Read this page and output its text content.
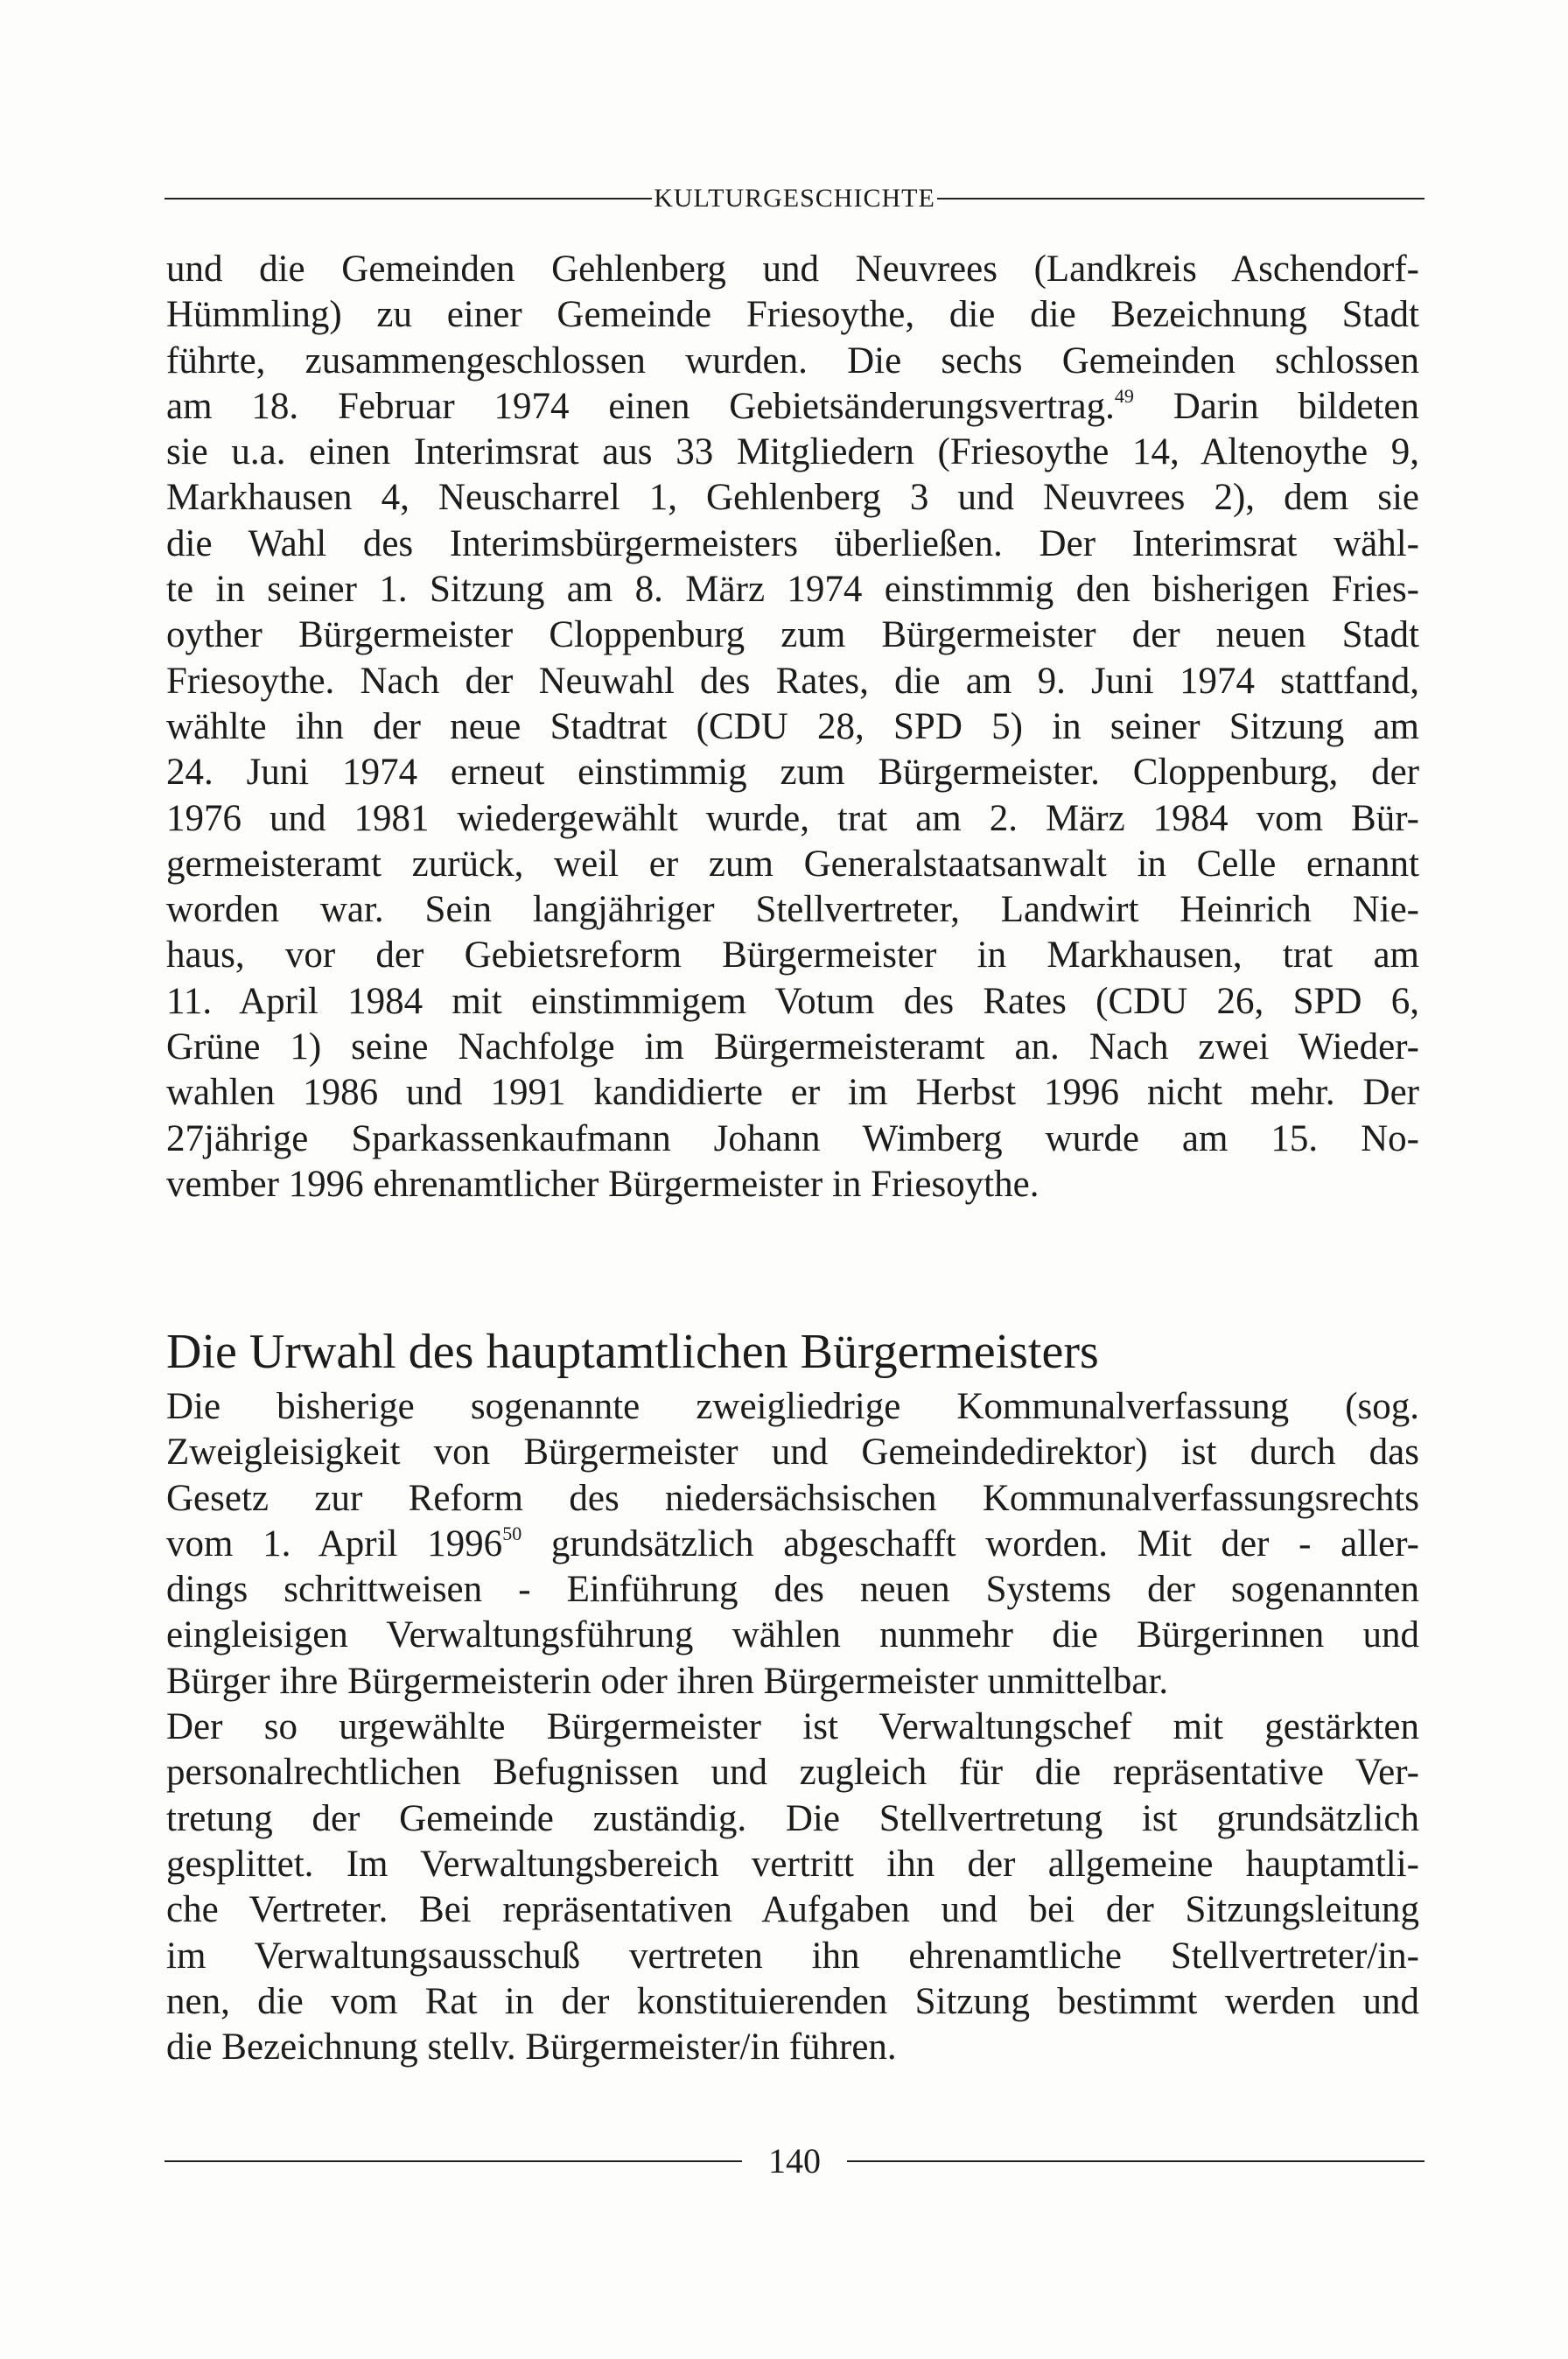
KULTURGESCHICHTE
und die Gemeinden Gehlenberg und Neuvrees (Landkreis Aschendorf-
Hümmling) zu einer Gemeinde Friesoythe, die die Bezeichnung Stadt
führte, zusammengeschlossen wurden. Die sechs Gemeinden schlossen
am 18. Februar 1974 einen Gebietsänderungsvertrag.$^{49}$ Darin bildeten
sie u.a. einen Interimsrat aus 33 Mitgliedern (Friesoythe 14, Altenoythe 9,
Markhausen 4, Neuscharrel 1, Gehlenberg 3 und Neuvrees 2), dem sie
die Wahl des Interimsbürgermeisters überließen. Der Interimsrat wähl-
te in seiner 1. Sitzung am 8. März 1974 einstimmig den bisherigen Fries-
oyther Bürgermeister Cloppenburg zum Bürgermeister der neuen Stadt
Friesoythe. Nach der Neuwahl des Rates, die am 9. Juni 1974 stattfand,
wählte ihn der neue Stadtrat (CDU 28, SPD 5) in seiner Sitzung am
24. Juni 1974 erneut einstimmig zum Bürgermeister. Cloppenburg, der
1976 und 1981 wiedergewählt wurde, trat am 2. März 1984 vom Bür-
germeisteramt zurück, weil er zum Generalstaatsanwalt in Celle ernannt
worden war. Sein langjähriger Stellvertreter, Landwirt Heinrich Nie-
haus, vor der Gebietsreform Bürgermeister in Markhausen, trat am
11. April 1984 mit einstimmigem Votum des Rates (CDU 26, SPD 6,
Grüne 1) seine Nachfolge im Bürgermeisteramt an. Nach zwei Wieder-
wahlen 1986 und 1991 kandidierte er im Herbst 1996 nicht mehr. Der
27jährige Sparkassenkaufmann Johann Wimberg wurde am 15. No-
vember 1996 ehrenamtlicher Bürgermeister in Friesoythe.
Die Urwahl des hauptamtlichen Bürgermeisters
Die bisherige sogenannte zweigliedrige Kommunalverfassung (sog.
Zweigleisigkeit von Bürgermeister und Gemeindedirektor) ist durch das
Gesetz zur Reform des niedersächsischen Kommunalverfassungsrechts
vom 1. April 1996$^{50}$ grundsätzlich abgeschafft worden. Mit der - aller-
dings schrittweisen - Einführung des neuen Systems der sogenannten
eingleisigen Verwaltungsführung wählen nunmehr die Bürgerinnen und
Bürger ihre Bürgermeisterin oder ihren Bürgermeister unmittelbar.
Der so urgewählte Bürgermeister ist Verwaltungschef mit gestärkten
personalrechtlichen Befugnissen und zugleich für die repräsentative Ver-
tretung der Gemeinde zuständig. Die Stellvertretung ist grundsätzlich
gesplittet. Im Verwaltungsbereich vertritt ihn der allgemeine hauptamtli-
che Vertreter. Bei repräsentativen Aufgaben und bei der Sitzungsleitung
im Verwaltungsausschuß vertreten ihn ehrenamtliche Stellvertreter/in-
nen, die vom Rat in der konstituierenden Sitzung bestimmt werden und
die Bezeichnung stellv. Bürgermeister/in führen.
140
